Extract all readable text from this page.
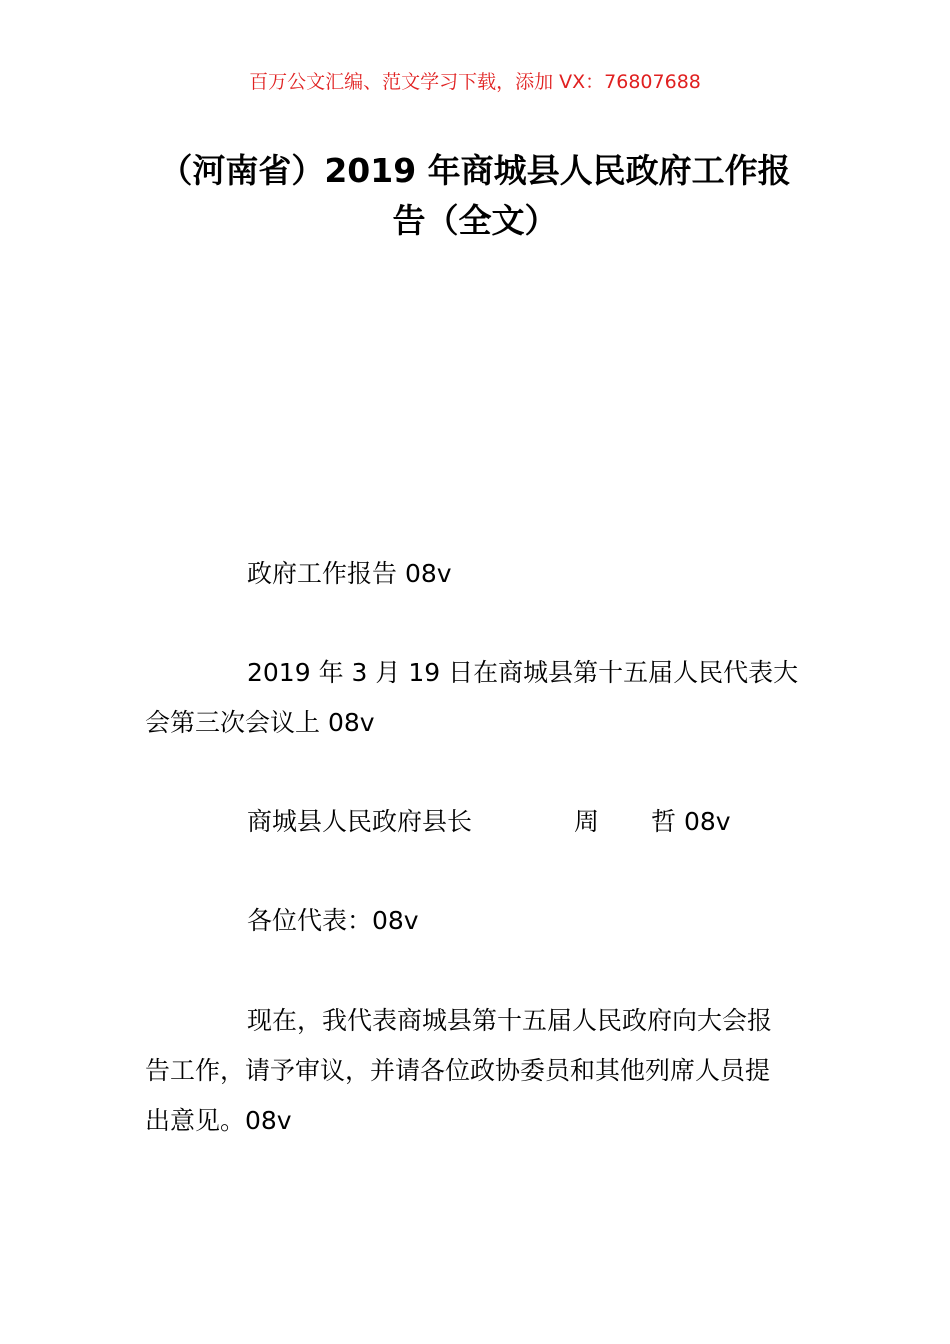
百万公文汇编、范文学习下载，添加 VX：76807688
（河南省）2019 年商城县人民政府工作报
告（全文）

政府工作报告 08v

2019 年 3 月 19 日在商城县第十五届人民代表大
会第三次会议上 08v

商城县人民政府县长	周 哲 08v

各位代表：08v

现在，我代表商城县第十五届人民政府向大会报
告工作，请予审议，并请各位政协委员和其他列席人员提
出意见。08v
